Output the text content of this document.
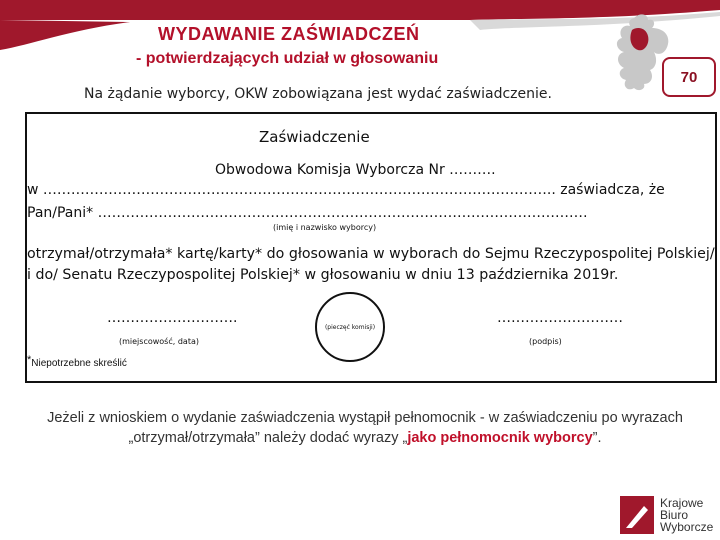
WYDAWANIE ZAŚWIADCZEŃ
- potwierdzających udział w głosowaniu
Na żądanie wyborcy, OKW zobowiązana jest wydać zaświadczenie.
70
Zaświadczenie
Obwodowa Komisja Wyborcza Nr ……….
w ……………………………………………………………………………………………….. zaświadcza, że
Pan/Pani* ……………………………………………………………………………………………
(imię i nazwisko wyborcy)
otrzymał/otrzymała* kartę/karty* do głosowania w wyborach do Sejmu Rzeczypospolitej Polskiej/ i do/ Senatu Rzeczypospolitej Polskiej* w głosowaniu w dniu 13 października 2019r.
……………………….
(pieczęć komisji)
………………………
(miejscowość, data)	(podpis)
*Niepotrzebne skreślić
Jeżeli z wnioskiem o wydanie zaświadczenia wystąpił pełnomocnik - w zaświadczeniu po wyrazach „otrzymał/otrzymała” należy dodać wyrazy „jako pełnomocnik wyborcy”.
Krajowe
Biuro
Wyborcze
